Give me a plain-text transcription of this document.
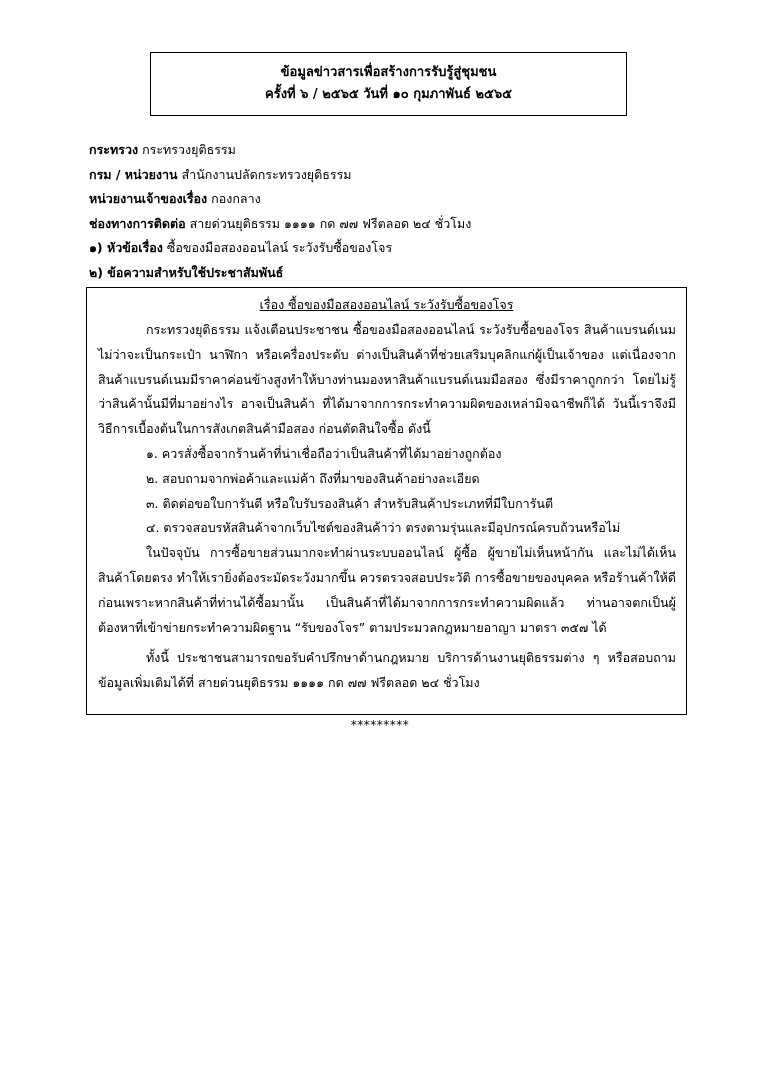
ข้อมูลข่าวสารเพื่อสร้างการรับรู้สู่ชุมชน
ครั้งที่ ๖ / ๒๕๖๕ วันที่ ๑๐ กุมภาพันธ์ ๒๕๖๕
กระทรวง กระทรวงยุติธรรม
กรม / หน่วยงาน สำนักงานปลัดกระทรวงยุติธรรม
หน่วยงานเจ้าของเรื่อง กองกลาง
ช่องทางการติดต่อ สายด่วนยุติธรรม ๑๑๑๑ กด ๗๗ ฟรีตลอด ๒๔ ชั่วโมง
๑) หัวข้อเรื่อง ซื้อของมือสองออนไลน์ ระวังรับซื้อของโจร
๒) ข้อความสำหรับใช้ประชาสัมพันธ์
เรื่อง ซื้อของมือสองออนไลน์ ระวังรับซื้อของโจร
กระทรวงยุติธรรม แจ้งเตือนประชาชน ซื้อของมือสองออนไลน์ ระวังรับซื้อของโจร สินค้าแบรนด์เนม ไม่ว่าจะเป็นกระเป๋า นาฬิกา หรือเครื่องประดับ ต่างเป็นสินค้าที่ช่วยเสริมบุคลิกแก่ผู้เป็นเจ้าของ แต่เนื่องจากสินค้าแบรนด์เนมมีราคาค่อนข้างสูงทำให้บางท่านมองหาสินค้าแบรนด์เนมมือสอง ซึ่งมีราคาถูกกว่า โดยไม่รู้ว่าสินค้านั้นมีที่มาอย่างไร อาจเป็นสินค้า ที่ได้มาจากการกระทำความผิดของเหล่ามิจฉาชีพก็ได้ วันนี้เราจึงมีวิธีการเบื้องต้นในการสังเกตสินค้ามือสอง ก่อนตัดสินใจซื้อ ดังนี้
๑. ควรสั่งซื้อจากร้านค้าที่น่าเชื่อถือว่าเป็นสินค้าที่ได้มาอย่างถูกต้อง
๒. สอบถามจากพ่อค้าและแม่ค้า ถึงที่มาของสินค้าอย่างละเอียด
๓. ติดต่อขอใบการันตี หรือใบรับรองสินค้า สำหรับสินค้าประเภทที่มีใบการันตี
๔. ตรวจสอบรหัสสินค้าจากเว็บไซต์ของสินค้าว่า ตรงตามรุ่นและมีอุปกรณ์ครบถ้วนหรือไม่
ในปัจจุบัน การซื้อขายส่วนมากจะทำผ่านระบบออนไลน์ ผู้ซื้อ ผู้ขายไม่เห็นหน้ากัน และไม่ได้เห็นสินค้าโดยตรง ทำให้เรายิ่งต้องระมัดระวังมากขึ้น ควรตรวจสอบประวัติ การซื้อขายของบุคคล หรือร้านค้าให้ดีก่อนเพราะหากสินค้าที่ท่านได้ซื้อมานั้น เป็นสินค้าที่ได้มาจากการกระทำความผิดแล้ว ท่านอาจตกเป็นผู้ต้องหาที่เข้าข่ายกระทำความผิดฐาน “รับของโจร” ตามประมวลกฎหมายอาญา มาตรา ๓๕๗ ได้
ทั้งนี้ ประชาชนสามารถขอรับคำปรึกษาด้านกฎหมาย บริการด้านงานยุติธรรมต่าง ๆ หรือสอบถามข้อมูลเพิ่มเติมได้ที่ สายด่วนยุติธรรม ๑๑๑๑ กด ๗๗ ฟรีตลอด ๒๔ ชั่วโมง
*********
